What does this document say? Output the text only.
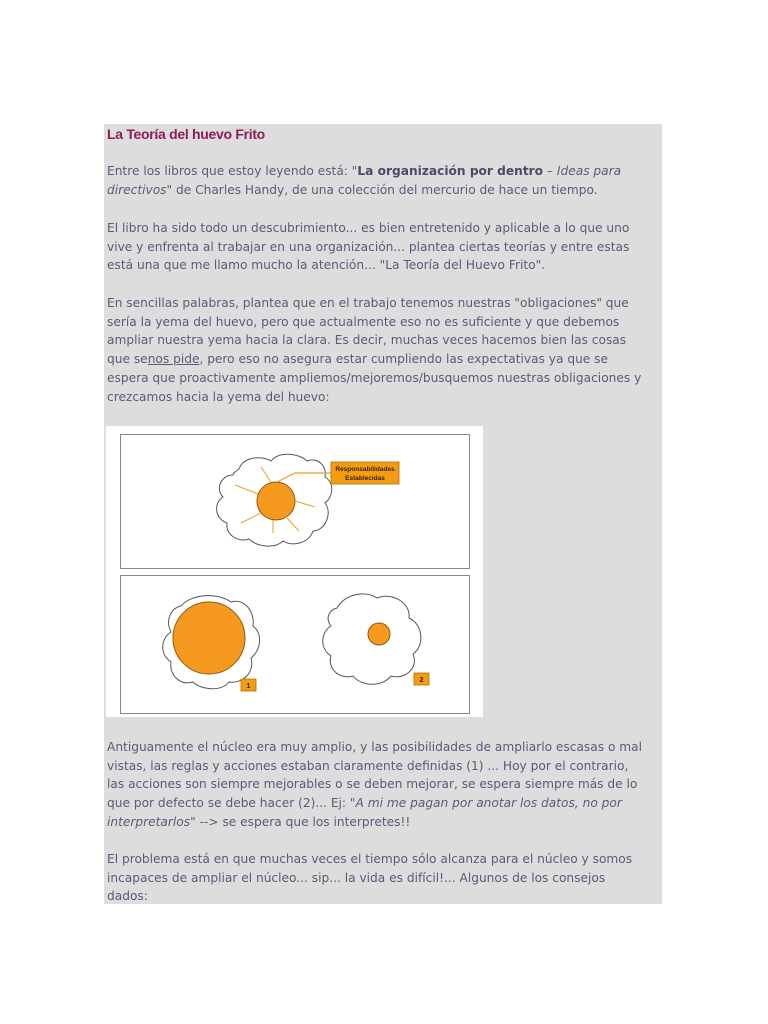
La Teoría del huevo Frito
Entre los libros que estoy leyendo está: "La organización por dentro – Ideas para
directivos" de Charles Handy, de una colección del mercurio de hace un tiempo.
El libro ha sido todo un descubrimiento... es bien entretenido y aplicable a lo que uno
vive y enfrenta al trabajar en una organización... plantea ciertas teorías y entre estas
está una que me llamo mucho la atención... "La Teoría del Huevo Frito".
En sencillas palabras, plantea que en el trabajo tenemos nuestras "obligaciones" que
sería la yema del huevo, pero que actualmente eso no es suficiente y que debemos
ampliar nuestra yema hacia la clara. Es decir, muchas veces hacemos bien las cosas
que senos pide, pero eso no asegura estar cumpliendo las expectativas ya que se
espera que proactivamente ampliemos/mejoremos/busquemos nuestras obligaciones y
crezcamos hacia la yema del huevo:
Responsabilidades
Establecidas
1
2
Antiguamente el núcleo era muy amplio, y las posibilidades de ampliarlo escasas o mal
vistas, las reglas y acciones estaban claramente definidas (1) ... Hoy por el contrario,
las acciones son siempre mejorables o se deben mejorar, se espera siempre más de lo
que por defecto se debe hacer (2)... Ej: "A mi me pagan por anotar los datos, no por
interpretarlos" --> se espera que los interpretes!!
El problema está en que muchas veces el tiempo sólo alcanza para el núcleo y somos
incapaces de ampliar el núcleo... sip... la vida es difícil!... Algunos de los consejos
dados:
